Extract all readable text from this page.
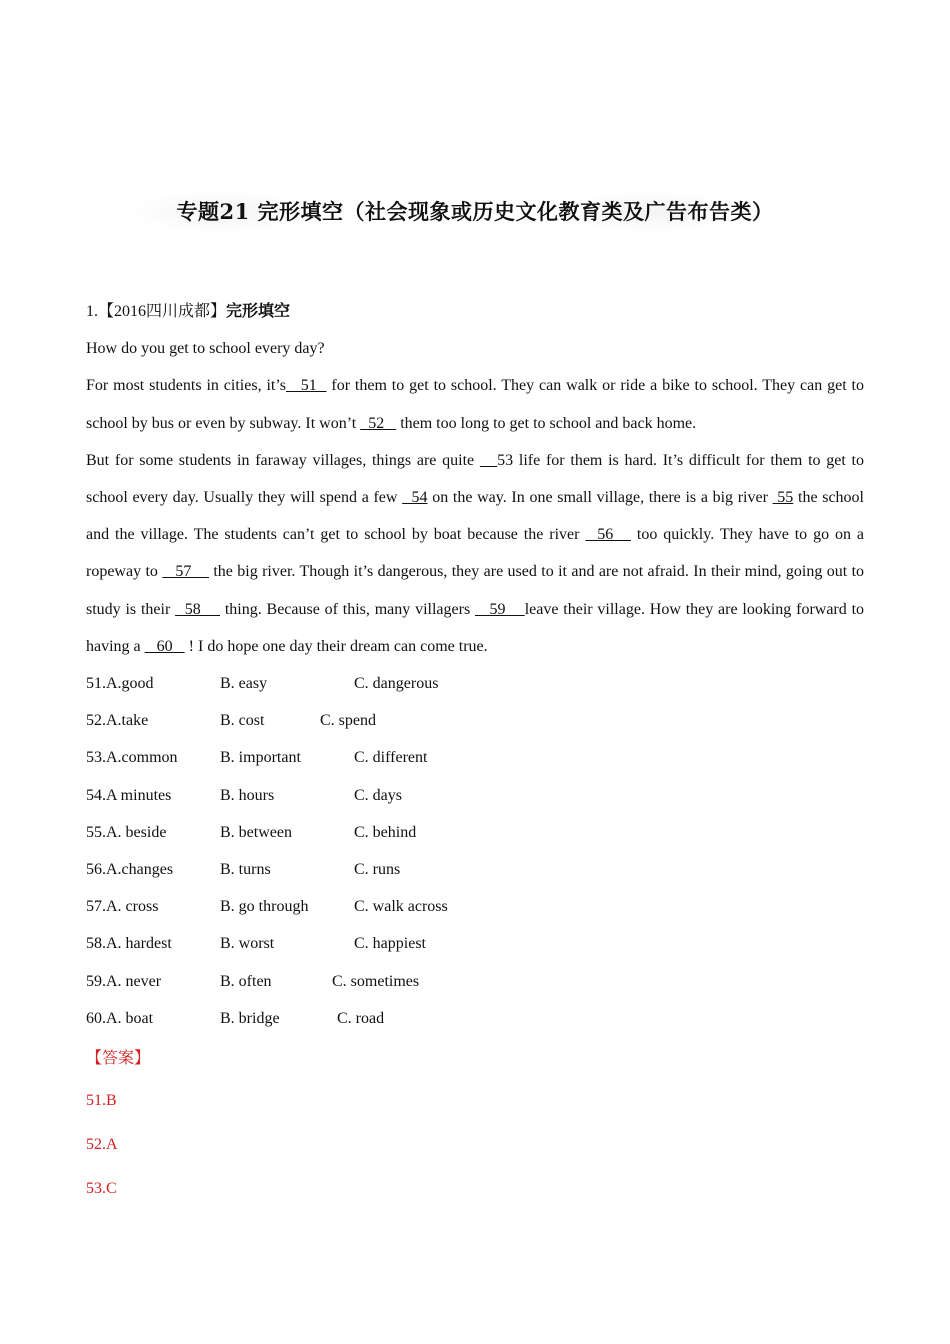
专题21 完形填空（社会现象或历史文化教育类及广告布告类）
1.【2016四川成都】完形填空
How do you get to school every day?
For most students in cities, it’s   51   for them to get to school. They can walk or ride a bike to school. They can get to school by bus or even by subway. It won’t   52    them too long to get to school and back home.
But for some students in faraway villages, things are quite    53 life for them is hard. It’s difficult for them to get to school every day. Usually they will spend a few   54 on the way. In one small village, there is a big river  55 the school and the village. The students can’t get to school by boat because the river   56    too quickly. They have to go on a ropeway to    57     the big river. Though it’s dangerous, they are used to it and are not afraid. In their mind, going out to study is their   58     thing. Because of this, many villagers    59    leave their village. How they are looking forward to having a    60    ! I do hope one day their dream can come true.
51.A.good	B. easy	C. dangerous
52.A.take	B. cost	C. spend
53.A.common	B. important	C. different
54.A minutes	B. hours	C. days
55.A. beside	B. between	C. behind
56.A.changes	B. turns	C. runs
57.A. cross	B. go through	C. walk across
58.A. hardest	B. worst	C. happiest
59.A. never	B. often	C. sometimes
60.A. boat	B. bridge	C. road
【答案】
51.B
52.A
53.C
